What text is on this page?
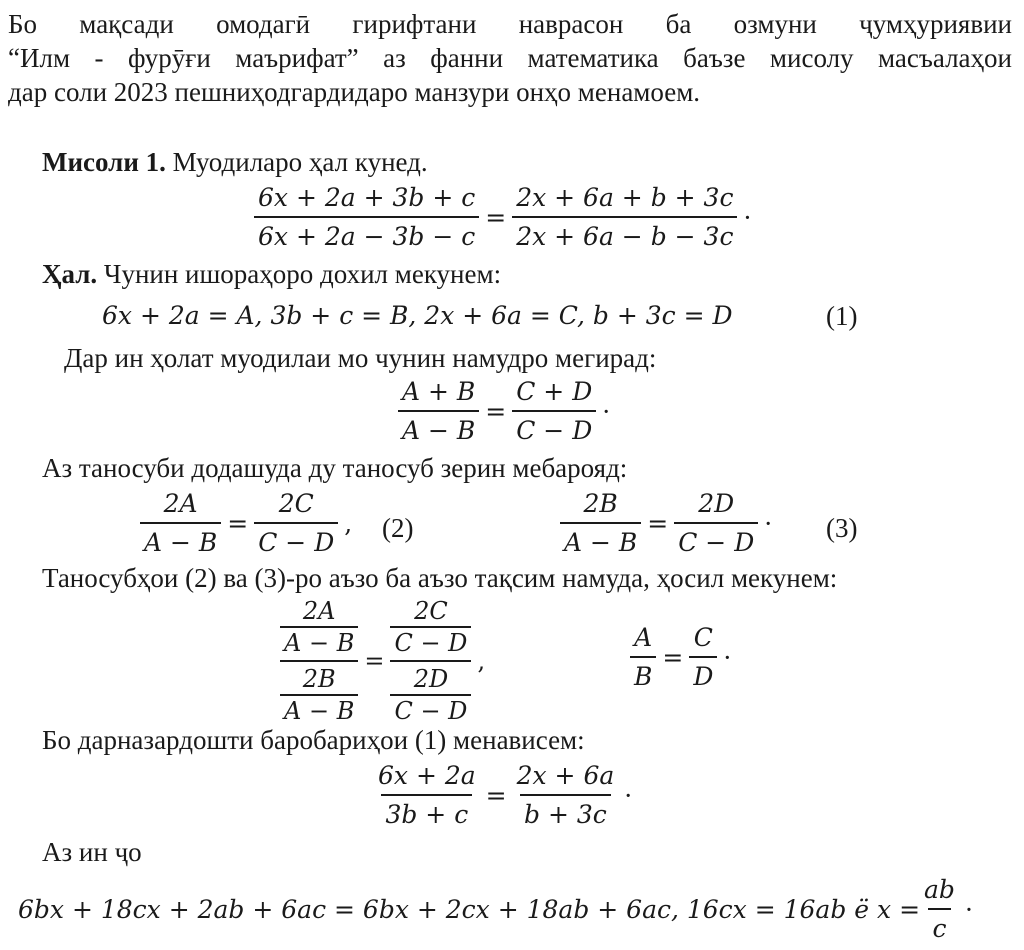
Бо мақсади омодагӣ гирифтани наврасон ба озмуни ҷумҳуриявии
“Илм - фурӯғи маърифат” аз фанни математика баъзе мисолу масъалаҳои
дар соли 2023 пешниҳодгардидаро манзури онҳо менамоем.
Мисоли 1. Муодиларо ҳал кунед.
$\frac{6x + 2a + 3b + c}{6x + 2a - 3b - c} = \frac{2x + 6a + b + 3c}{2x + 6a - b - 3c}$ ·
Ҳал. Чунин ишораҳоро дохил мекунем:
6x + 2a = A, 3b + c = B, 2x + 6a = C, b + 3c = D	(1)
Дар ин ҳолат муодилаи мо чунин намудро мегирад:
$\frac{A + B}{A - B} = \frac{C + D}{C - D}$ ·
Аз таносуби додашуда ду таносуб зерин мебарояд:
$\frac{2A}{A - B} = \frac{2C}{C - D}$ , (2)	$\frac{2B}{A - B} = \frac{2D}{C - D} \cdot (3)$
Таносубҳои (2) ва (3)-ро аъзо ба аъзо тақсим намуда, ҳосил мекунем:
2A
A − B
2B
A − B
=
2C
C − D
2D
C − D
,	$\frac{A}{B} = \frac{C}{D}$ ·
Бо дарназардошти баробариҳои (1) менависем:
$\frac{6x + 2a}{3b + c} = \frac{2x + 6a}{b + 3c}$ ·
Аз ин ҷо
6bx + 18cx + 2ab + 6ac = 6bx + 2cx + 18ab + 6ac, 16cx = 16ab ё $x = \frac{ab}{c}$ ·
